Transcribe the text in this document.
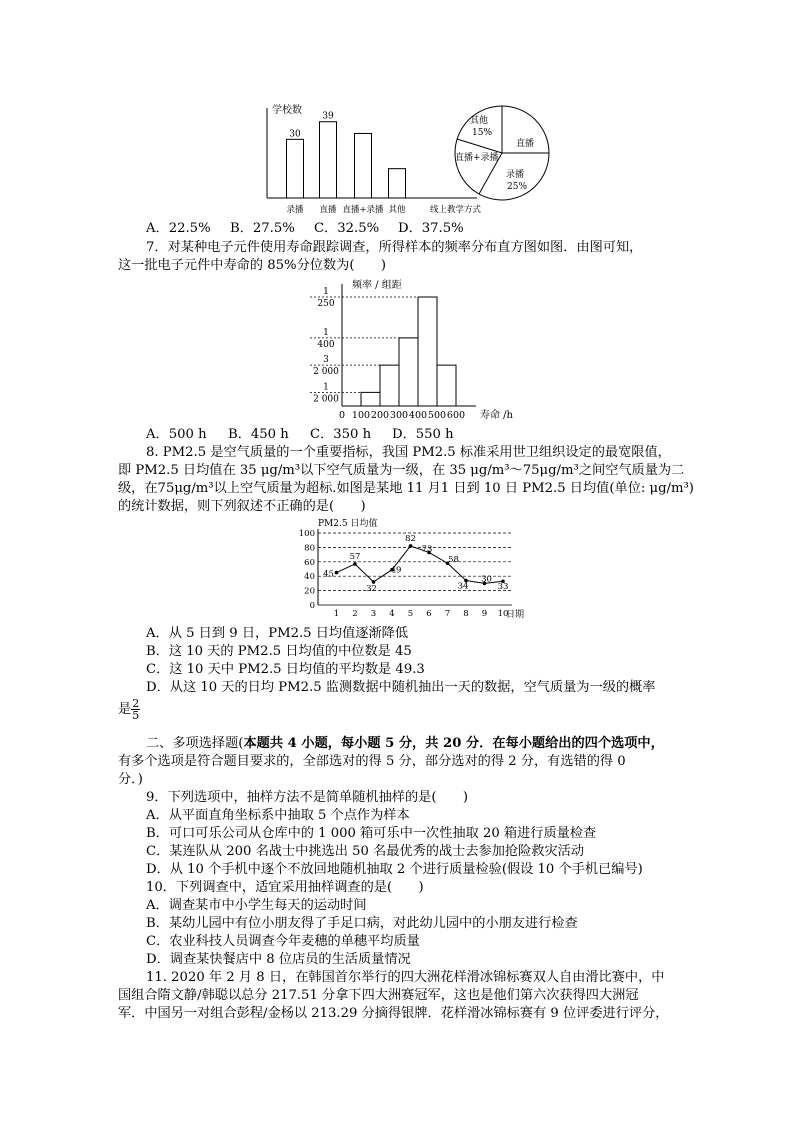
学校数
30
录播
39
直播 直播+录播 其他	线上教学方式
其他
15%
直播
直播+录播
录播
25%
A．22.5% B．27.5% C．32.5% D．37.5%
7．对某种电子元件使用寿命跟踪调查，所得样本的频率分布直方图如图．由图可知，
这一批电子元件中寿命的 85%分位数为(　　)
频率 / 组距
0 100 200 300 400 500 600
1
250
1
400
3
2 000
1
2 000
寿命 /h
A．500 h B．450 h C．350 h D．550 h
8. PM2.5 是空气质量的一个重要指标，我国 PM2.5 标准采用世卫组织设定的最宽限值，
即 PM2.5 日均值在 35 μg/m³以下空气质量为一级，在 35 μg/m³～75μg/m³之间空气质量为二
级，在75μg/m³以上空气质量为超标.如图是某地 11 月1 日到 10 日 PM2.5 日均值(单位: μg/m³)
的统计数据，则下列叙述不正确的是(　　)
PM2.5 日均值
0
20
40
60
80
100
1 2 3 4 5 6 7 8 9 10
45
57
32
49
82
73
58
34
30
33
日期
A．从 5 日到 9 日，PM2.5 日均值逐渐降低
B．这 10 天的 PM2.5 日均值的中位数是 45
C．这 10 天中 PM2.5 日均值的平均数是 49.3
D．从这 10 天的日均 PM2.5 监测数据中随机抽出一天的数据，空气质量为一级的概率
是 $\frac{2}{5}$
二、多项选择题(本题共 4 小题，每小题 5 分，共 20 分．在每小题给出的四个选项中，
有多个选项是符合题目要求的，全部选对的得 5 分，部分选对的得 2 分，有选错的得 0
分．)
9．下列选项中，抽样方法不是简单随机抽样的是(　　)
A．从平面直角坐标系中抽取 5 个点作为样本
B．可口可乐公司从仓库中的 1 000 箱可乐中一次性抽取 20 箱进行质量检查
C．某连队从 200 名战士中挑选出 50 名最优秀的战士去参加抢险救灾活动
D．从 10 个手机中逐个不放回地随机抽取 2 个进行质量检验(假设 10 个手机已编号)
10．下列调查中，适宜采用抽样调查的是(　　)
A．调查某市中小学生每天的运动时间
B．某幼儿园中有位小朋友得了手足口病，对此幼儿园中的小朋友进行检查
C．农业科技人员调查今年麦穗的单穗平均质量
D．调查某快餐店中 8 位店员的生活质量情况
11. 2020 年 2 月 8 日，在韩国首尔举行的四大洲花样滑冰锦标赛双人自由滑比赛中，中
国组合隋文静/韩聪以总分 217.51 分拿下四大洲赛冠军，这也是他们第六次获得四大洲冠
军．中国另一对组合彭程/金杨以 213.29 分摘得银牌．花样滑冰锦标赛有 9 位评委进行评分，
